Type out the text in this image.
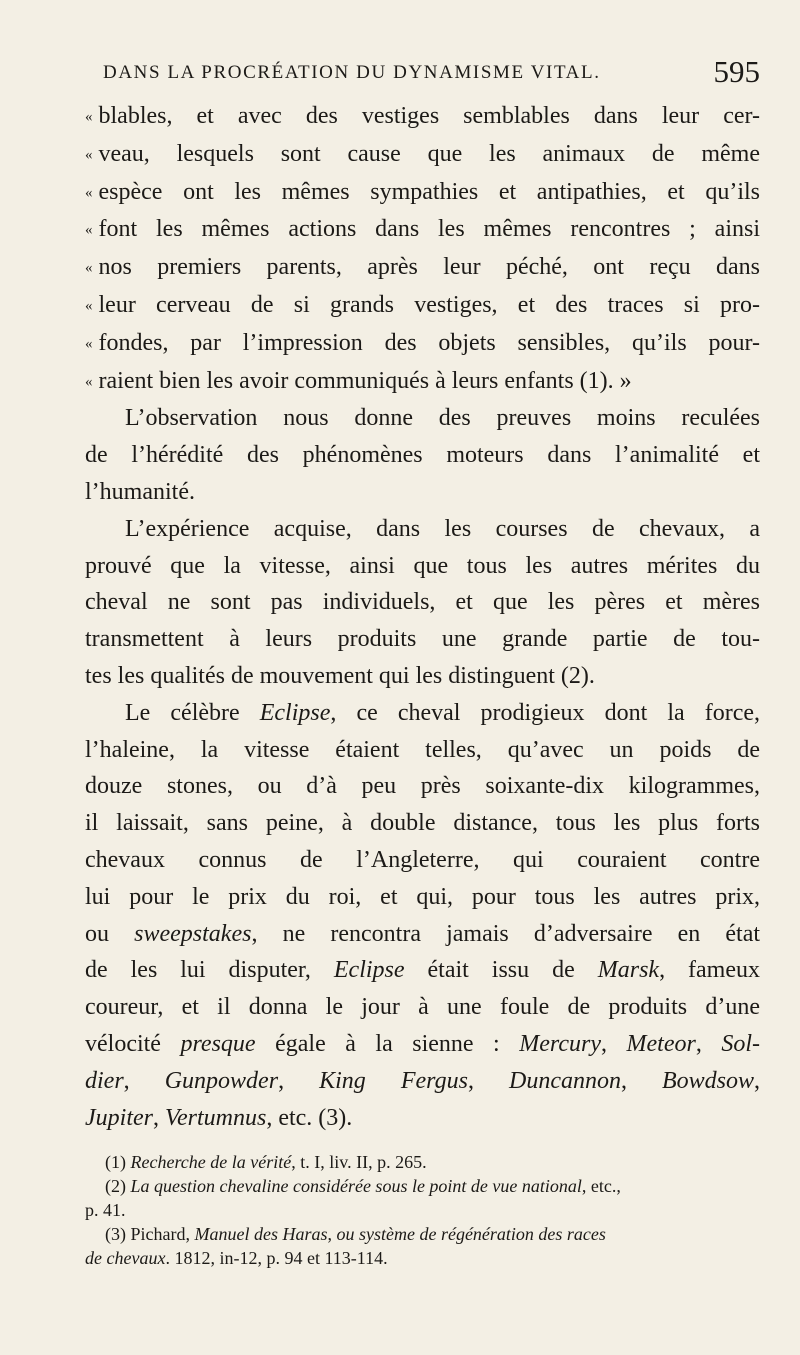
DANS LA PROCRÉATION DU DYNAMISME VITAL.	595
« blables, et avec des vestiges semblables dans leur cer-
« veau, lesquels sont cause que les animaux de même
« espèce ont les mêmes sympathies et antipathies, et qu’ils
« font les mêmes actions dans les mêmes rencontres ; ainsi
« nos premiers parents, après leur péché, ont reçu dans
« leur cerveau de si grands vestiges, et des traces si pro-
« fondes, par l’impression des objets sensibles, qu’ils pour-
« raient bien les avoir communiqués à leurs enfants (1). »
L’observation nous donne des preuves moins reculées
de l’hérédité des phénomènes moteurs dans l’animalité et
l’humanité.
L’expérience acquise, dans les courses de chevaux, a
prouvé que la vitesse, ainsi que tous les autres mérites du
cheval ne sont pas individuels, et que les pères et mères
transmettent à leurs produits une grande partie de tou-
tes les qualités de mouvement qui les distinguent (2).
Le célèbre Eclipse, ce cheval prodigieux dont la force,
l’haleine, la vitesse étaient telles, qu’avec un poids de
douze stones, ou d’à peu près soixante-dix kilogrammes,
il laissait, sans peine, à double distance, tous les plus forts
chevaux connus de l’Angleterre, qui couraient contre
lui pour le prix du roi, et qui, pour tous les autres prix,
ou sweepstakes, ne rencontra jamais d’adversaire en état
de les lui disputer, Eclipse était issu de Marsk, fameux
coureur, et il donna le jour à une foule de produits d’une
vélocité presque égale à la sienne : Mercury, Meteor, Sol-
dier, Gunpowder, King Fergus, Duncannon, Bowdsow,
Jupiter, Vertumnus, etc. (3).
(1) Recherche de la vérité, t. I, liv. II, p. 265.
(2) La question chevaline considérée sous le point de vue national, etc.,
p. 41.
(3) Pichard, Manuel des Haras, ou système de régénération des races
de chevaux. 1812, in-12, p. 94 et 113-114.
